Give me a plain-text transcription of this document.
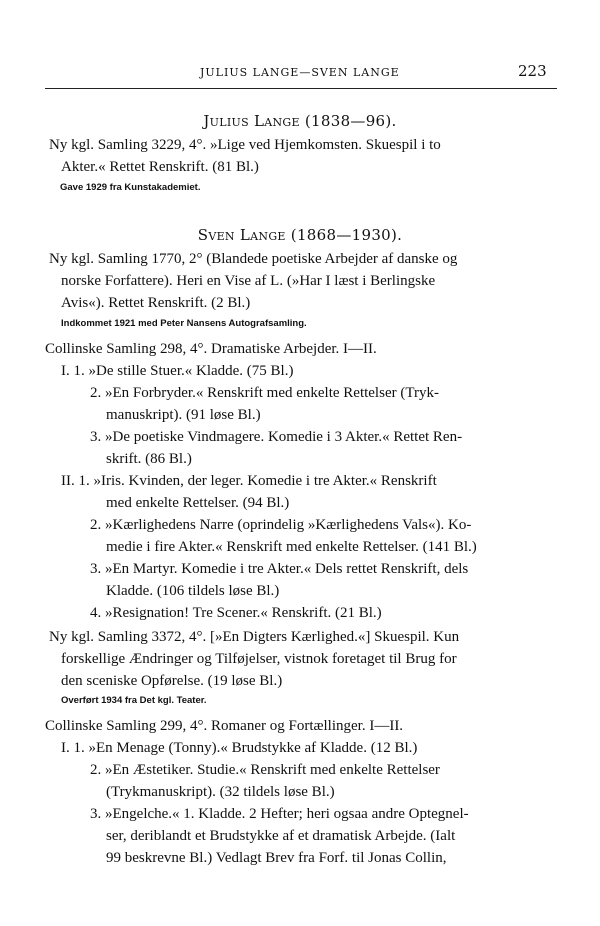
JULIUS LANGE—SVEN LANGE	223
Julius Lange (1838—96).
Ny kgl. Samling 3229, 4°. »Lige ved Hjemkomsten. Skuespil i to
Akter.« Rettet Renskrift. (81 Bl.)
Gave 1929 fra Kunstakademiet.
Sven Lange (1868—1930).
Ny kgl. Samling 1770, 2° (Blandede poetiske Arbejder af danske og
norske Forfattere). Heri en Vise af L. (»Har I læst i Berlingske
Avis«). Rettet Renskrift. (2 Bl.)
Indkommet 1921 med Peter Nansens Autografsamling.
Collinske Samling 298, 4°. Dramatiske Arbejder. I—II.
I. 1. »De stille Stuer.« Kladde. (75 Bl.)
2. »En Forbryder.« Renskrift med enkelte Rettelser (Tryk-
manuskript). (91 løse Bl.)
3. »De poetiske Vindmagere. Komedie i 3 Akter.« Rettet Ren-
skrift. (86 Bl.)
II. 1. »Iris. Kvinden, der leger. Komedie i tre Akter.« Renskrift
med enkelte Rettelser. (94 Bl.)
2. »Kærlighedens Narre (oprindelig »Kærlighedens Vals«). Ko-
medie i fire Akter.« Renskrift med enkelte Rettelser. (141 Bl.)
3. »En Martyr. Komedie i tre Akter.« Dels rettet Renskrift, dels
Kladde. (106 tildels løse Bl.)
4. »Resignation! Tre Scener.« Renskrift. (21 Bl.)
Ny kgl. Samling 3372, 4°. [»En Digters Kærlighed.«] Skuespil. Kun
forskellige Ændringer og Tilføjelser, vistnok foretaget til Brug for
den sceniske Opførelse. (19 løse Bl.)
Overført 1934 fra Det kgl. Teater.
Collinske Samling 299, 4°. Romaner og Fortællinger. I—II.
I. 1. »En Menage (Tonny).« Brudstykke af Kladde. (12 Bl.)
2. »En Æstetiker. Studie.« Renskrift med enkelte Rettelser
(Trykmanuskript). (32 tildels løse Bl.)
3. »Engelche.« 1. Kladde. 2 Hefter; heri ogsaa andre Optegnel-
ser, deriblandt et Brudstykke af et dramatisk Arbejde. (Ialt
99 beskrevne Bl.) Vedlagt Brev fra Forf. til Jonas Collin,
